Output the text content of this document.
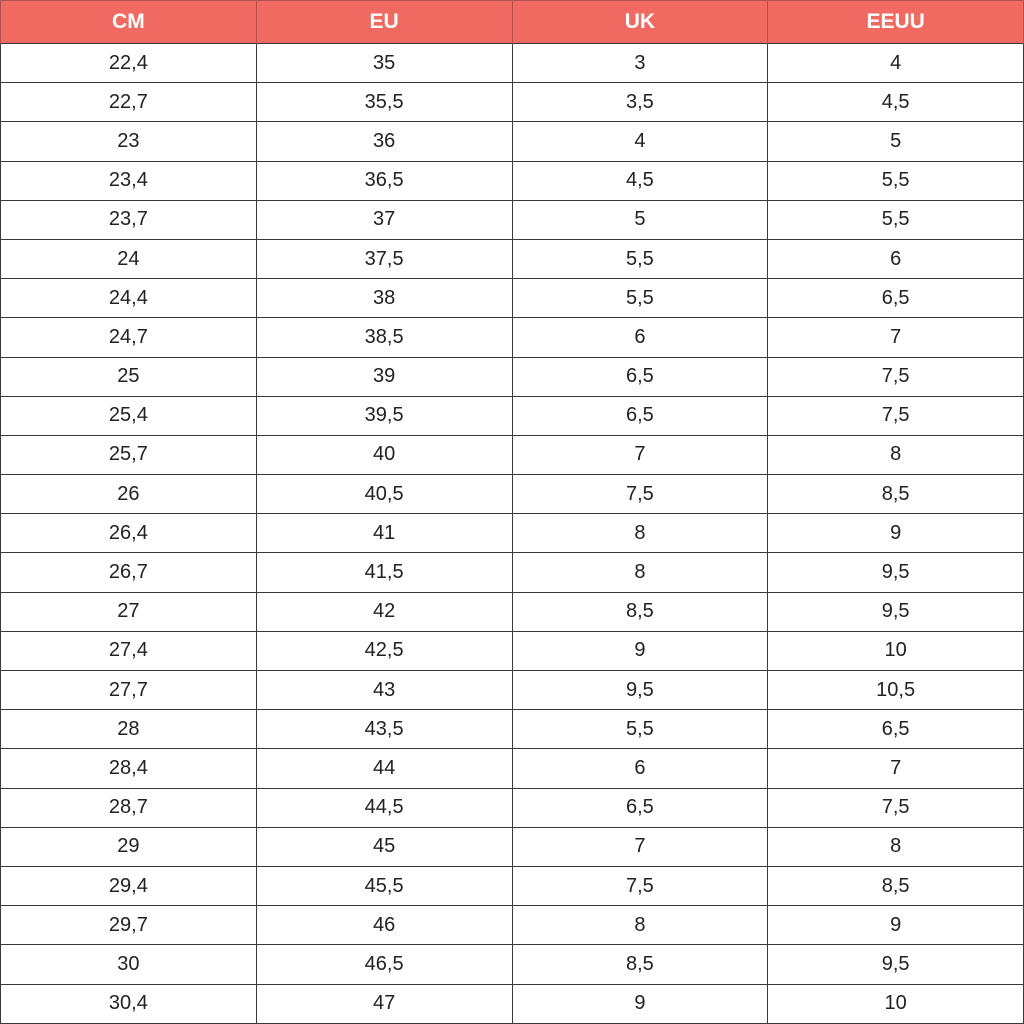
CM	EU	UK	EEUU
22,4	35	3	4
22,7	35,5	3,5	4,5
23	36	4	5
23,4	36,5	4,5	5,5
23,7	37	5	5,5
24	37,5	5,5	6
24,4	38	5,5	6,5
24,7	38,5	6	7
25	39	6,5	7,5
25,4	39,5	6,5	7,5
25,7	40	7	8
26	40,5	7,5	8,5
26,4	41	8	9
26,7	41,5	8	9,5
27	42	8,5	9,5
27,4	42,5	9	10
27,7	43	9,5	10,5
28	43,5	5,5	6,5
28,4	44	6	7
28,7	44,5	6,5	7,5
29	45	7	8
29,4	45,5	7,5	8,5
29,7	46	8	9
30	46,5	8,5	9,5
30,4	47	9	10
